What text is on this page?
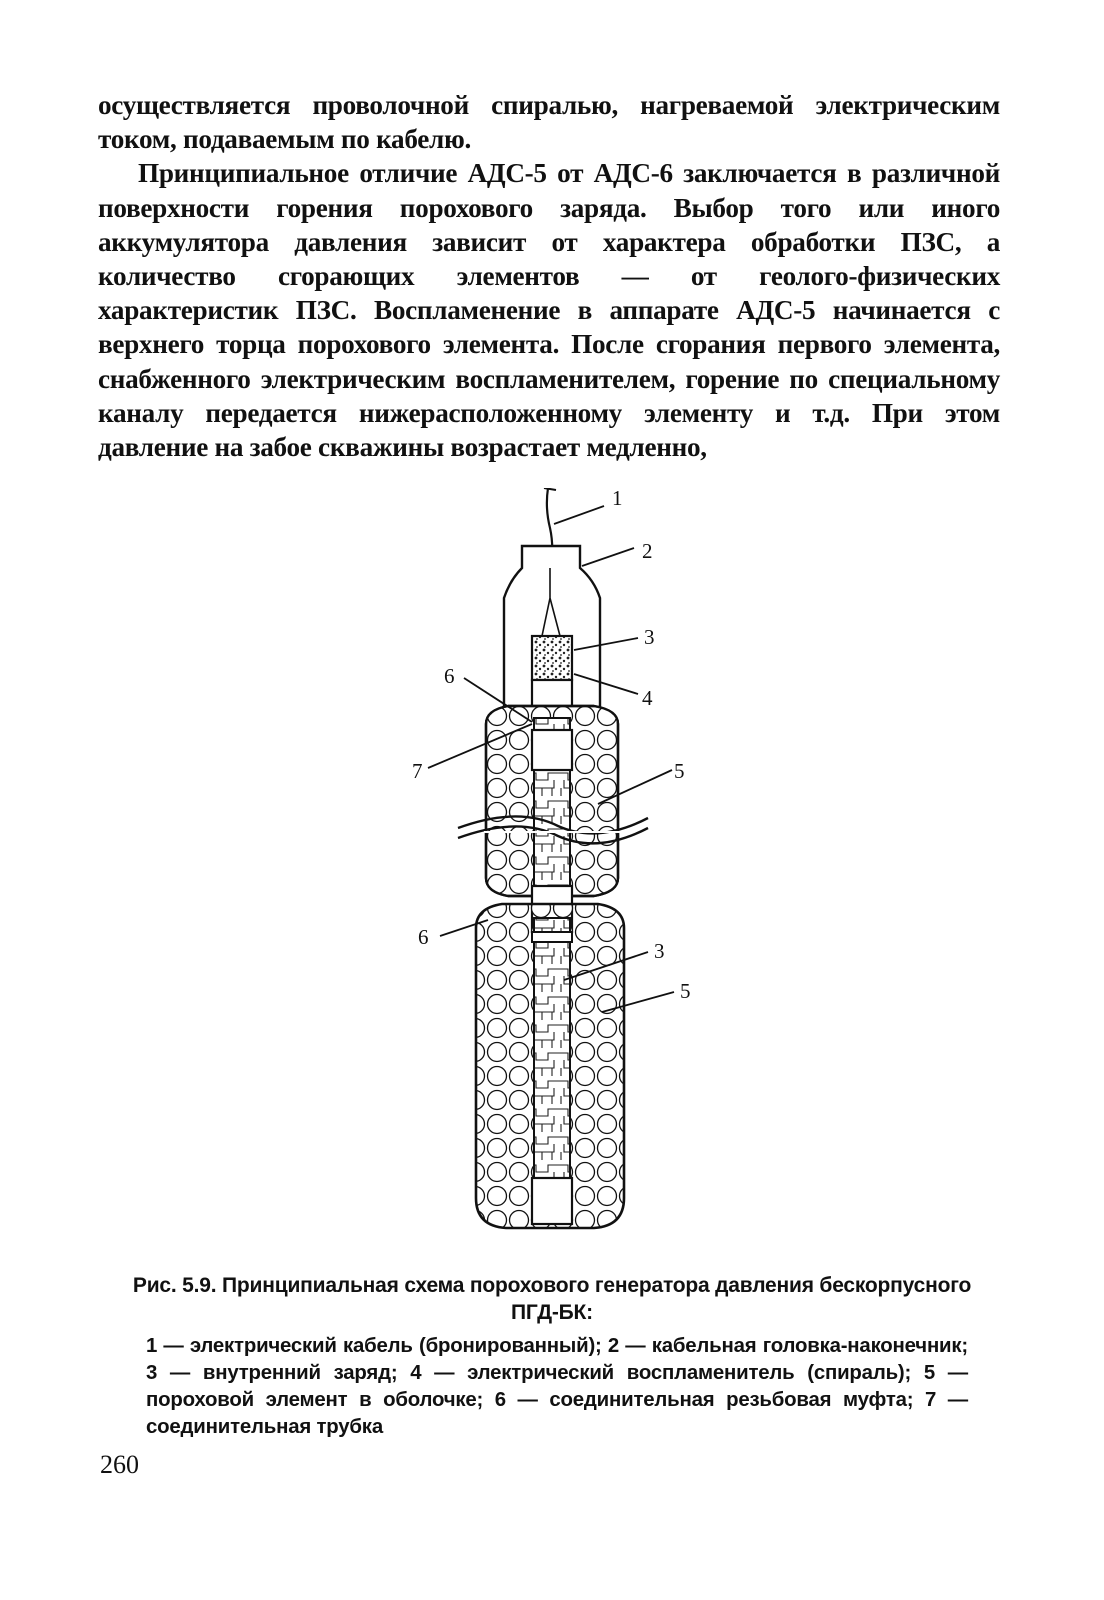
осуществляется проволочной спиралью, нагреваемой электрическим током, подаваемым по кабелю.

Принципиальное отличие АДС-5 от АДС-6 заключается в различной поверхности горения порохового заряда. Выбор того или иного аккумулятора давления зависит от характера обработки ПЗС, а количество сгорающих элементов — от геолого-физических характеристик ПЗС. Воспламенение в аппарате АДС-5 начинается с верхнего торца порохового элемента. После сгорания первого элемента, снабженного электрическим воспламенителем, горение по специальному каналу передается нижерасположенному элементу и т.д. При этом давление на забое скважины возрастает медленно,

1
2
3
4
5
6
7
6
3
5
Рис. 5.9. Принципиальная схема порохового генератора давления бескорпусного ПГД-БК:
1 — электрический кабель (бронированный); 2 — кабельная головка-наконечник; 3 — внутренний заряд; 4 — электрический воспламенитель (спираль); 5 — пороховой элемент в оболочке; 6 — соединительная резьбовая муфта; 7 — соединительная трубка
260
